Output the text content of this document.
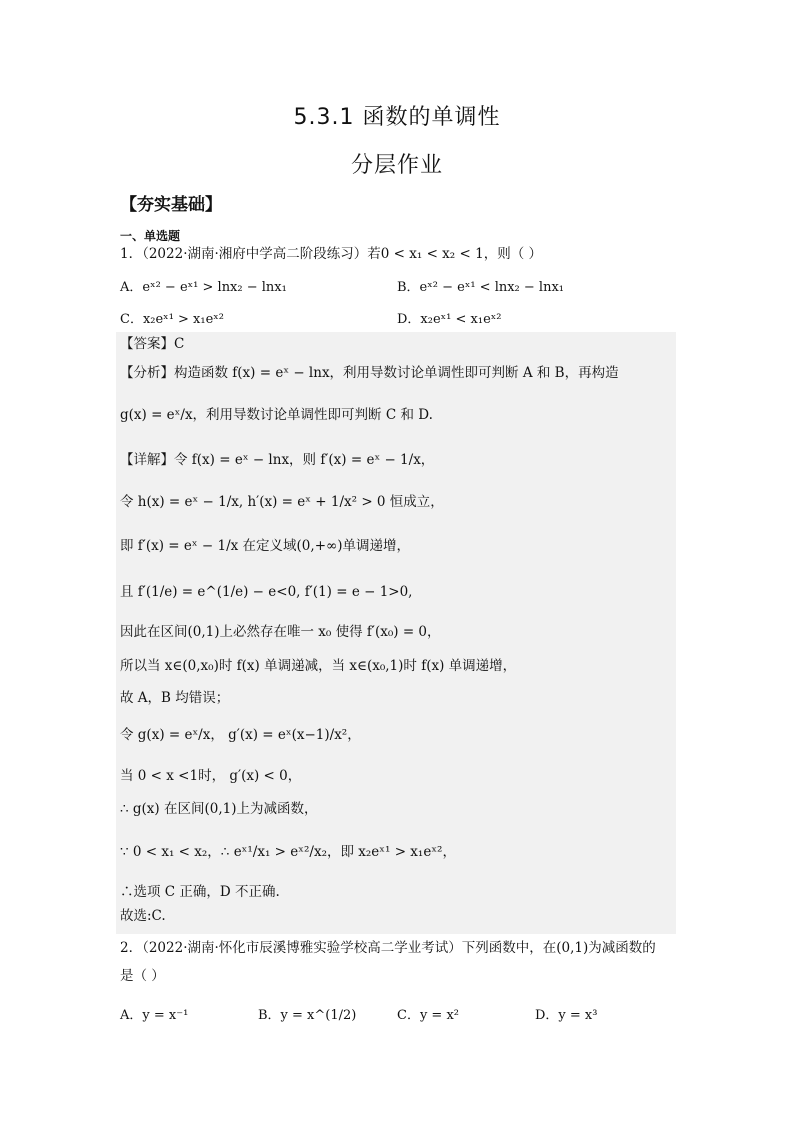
5.3.1 函数的单调性
分层作业
【夯实基础】
一、单选题
1．（2022·湖南·湘府中学高二阶段练习）若0 < x₁ < x₂ < 1，则（ ）
A．eˣ² − eˣ¹ > lnx₂ − lnx₁	B．eˣ² − eˣ¹ < lnx₂ − lnx₁
C．x₂eˣ¹ > x₁eˣ²	D．x₂eˣ¹ < x₁eˣ²
【答案】C
【分析】构造函数 f(x) = eˣ − lnx，利用导数讨论单调性即可判断 A 和 B，再构造
g(x) = eˣ/x，利用导数讨论单调性即可判断 C 和 D.
【详解】令 f(x) = eˣ − lnx，则 f′(x) = eˣ − 1/x，
令 h(x) = eˣ − 1/x, h′(x) = eˣ + 1/x² > 0 恒成立，
即 f′(x) = eˣ − 1/x 在定义域(0,+∞)单调递增，
且 f′(1/e) = e^(1/e) − e<0, f′(1) = e − 1>0,
因此在区间(0,1)上必然存在唯一 x₀ 使得 f′(x₀) = 0，
所以当 x∈(0,x₀)时 f(x) 单调递减，当 x∈(x₀,1)时 f(x) 单调递增，
故 A，B 均错误；
令 g(x) = eˣ/x， g′(x) = eˣ(x−1)/x²，
当 0 < x <1时， g′(x) < 0，
∴ g(x) 在区间(0,1)上为减函数，
∵ 0 < x₁ < x₂，∴ eˣ¹/x₁ > eˣ²/x₂，即 x₂eˣ¹ > x₁eˣ²，
∴选项 C 正确，D 不正确.
故选:C.
2．（2022·湖南·怀化市辰溪博雅实验学校高二学业考试）下列函数中，在(0,1)为减函数的
是（ ）
A．y = x⁻¹	B．y = x^(1/2)	C．y = x²	D．y = x³
